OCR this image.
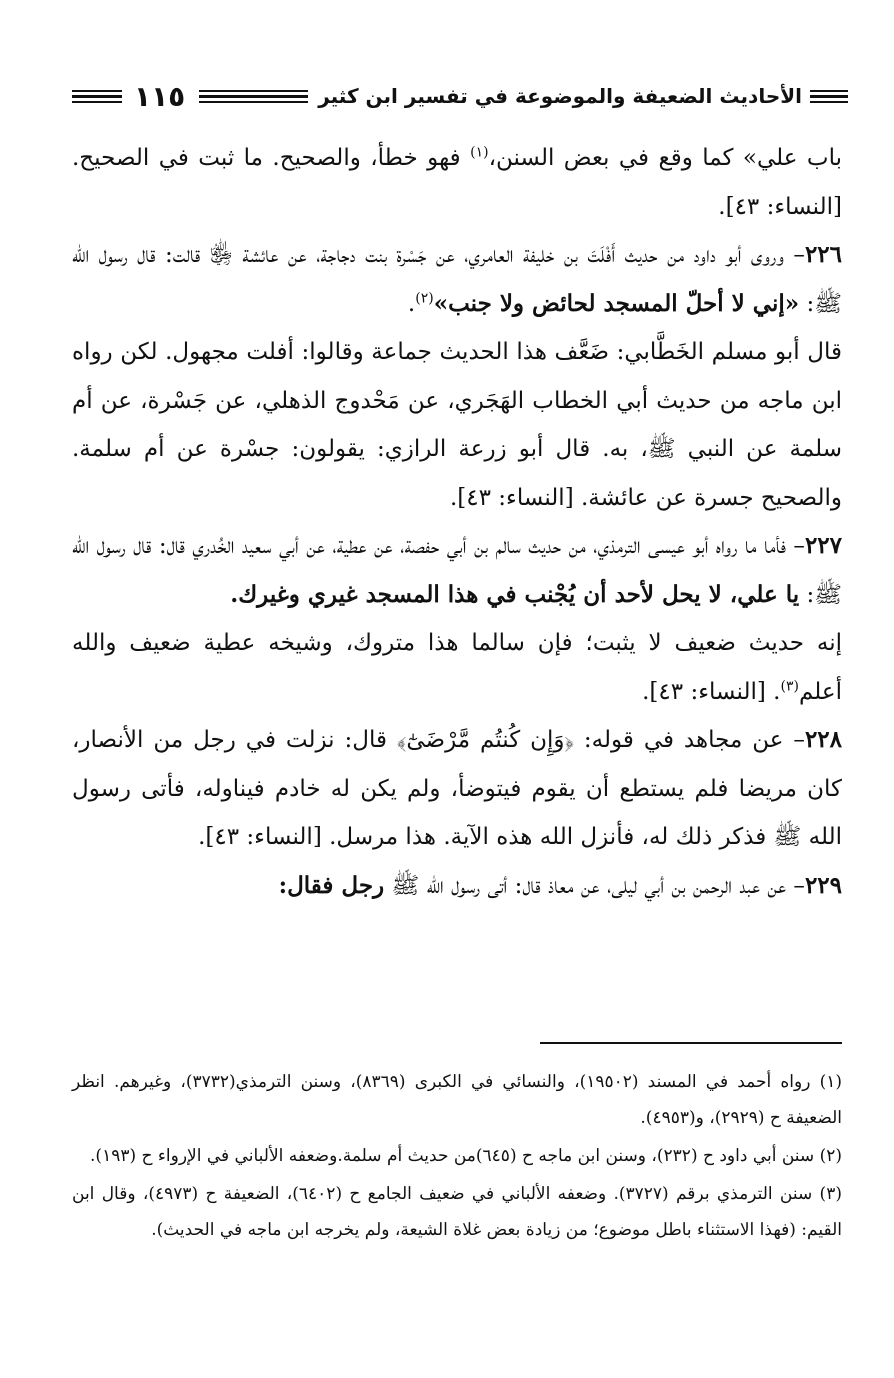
الأحاديث الضعيفة والموضوعة في تفسير ابن كثير
١١٥

باب علي» كما وقع في بعض السنن،$^{(١)}$ فهو خطأ، والصحيح. ما ثبت في الصحيح. [النساء: ٤٣].

٢٢٦– وروى أبو داود من حديث أَفْلَتَ بن خليفة العامري، عن جَسْرة بنت دجاجة، عن عائشة ﵂ قالت: قال رسول الله ﷺ: «إني لا أحلّ المسجد لحائض ولا جنب»$^{(٢)}$.

قال أبو مسلم الخَطَّابي: ضَعَّف هذا الحديث جماعة وقالوا: أفلت مجهول. لكن رواه ابن ماجه من حديث أبي الخطاب الهَجَري، عن مَحْدوج الذهلي، عن جَسْرة، عن أم سلمة عن النبي ﷺ، به. قال أبو زرعة الرازي: يقولون: جسْرة عن أم سلمة. والصحيح جسرة عن عائشة. [النساء: ٤٣].

٢٢٧– فأما ما رواه أبو عيسى الترمذي، من حديث سالم بن أبي حفصة، عن عطية، عن أبي سعيد الخُدري قال: قال رسول الله ﷺ: يا علي، لا يحل لأحد أن يُجْنب في هذا المسجد غيري وغيرك.

إنه حديث ضعيف لا يثبت؛ فإن سالما هذا متروك، وشيخه عطية ضعيف والله أعلم$^{(٣)}$. [النساء: ٤٣].

٢٢٨– عن مجاهد في قوله: ﴿وَإِن كُنتُم مَّرْضَىٰٓ﴾ قال: نزلت في رجل من الأنصار، كان مريضا فلم يستطع أن يقوم فيتوضأ، ولم يكن له خادم فيناوله، فأتى رسول الله ﷺ فذكر ذلك له، فأنزل الله هذه الآية. هذا مرسل. [النساء: ٤٣].

٢٢٩– عن عبد الرحمن بن أبي ليلى، عن معاذ قال: أتى رسول الله ﷺ رجل فقال:

(١) رواه أحمد في المسند (١٩٥٠٢)، والنسائي في الكبرى (٨٣٦٩)، وسنن الترمذي(٣٧٣٢)، وغيرهم. انظر الضعيفة ح (٢٩٢٩)، و(٤٩٥٣).

(٢) سنن أبي داود ح (٢٣٢)، وسنن ابن ماجه ح (٦٤٥)من حديث أم سلمة.وضعفه الألباني في الإرواء ح (١٩٣).

(٣) سنن الترمذي برقم (٣٧٢٧). وضعفه الألباني في ضعيف الجامع ح (٦٤٠٢)، الضعيفة ح (٤٩٧٣)، وقال ابن القيم: (فهذا الاستثناء باطل موضوع؛ من زيادة بعض غلاة الشيعة، ولم يخرجه ابن ماجه في الحديث).
